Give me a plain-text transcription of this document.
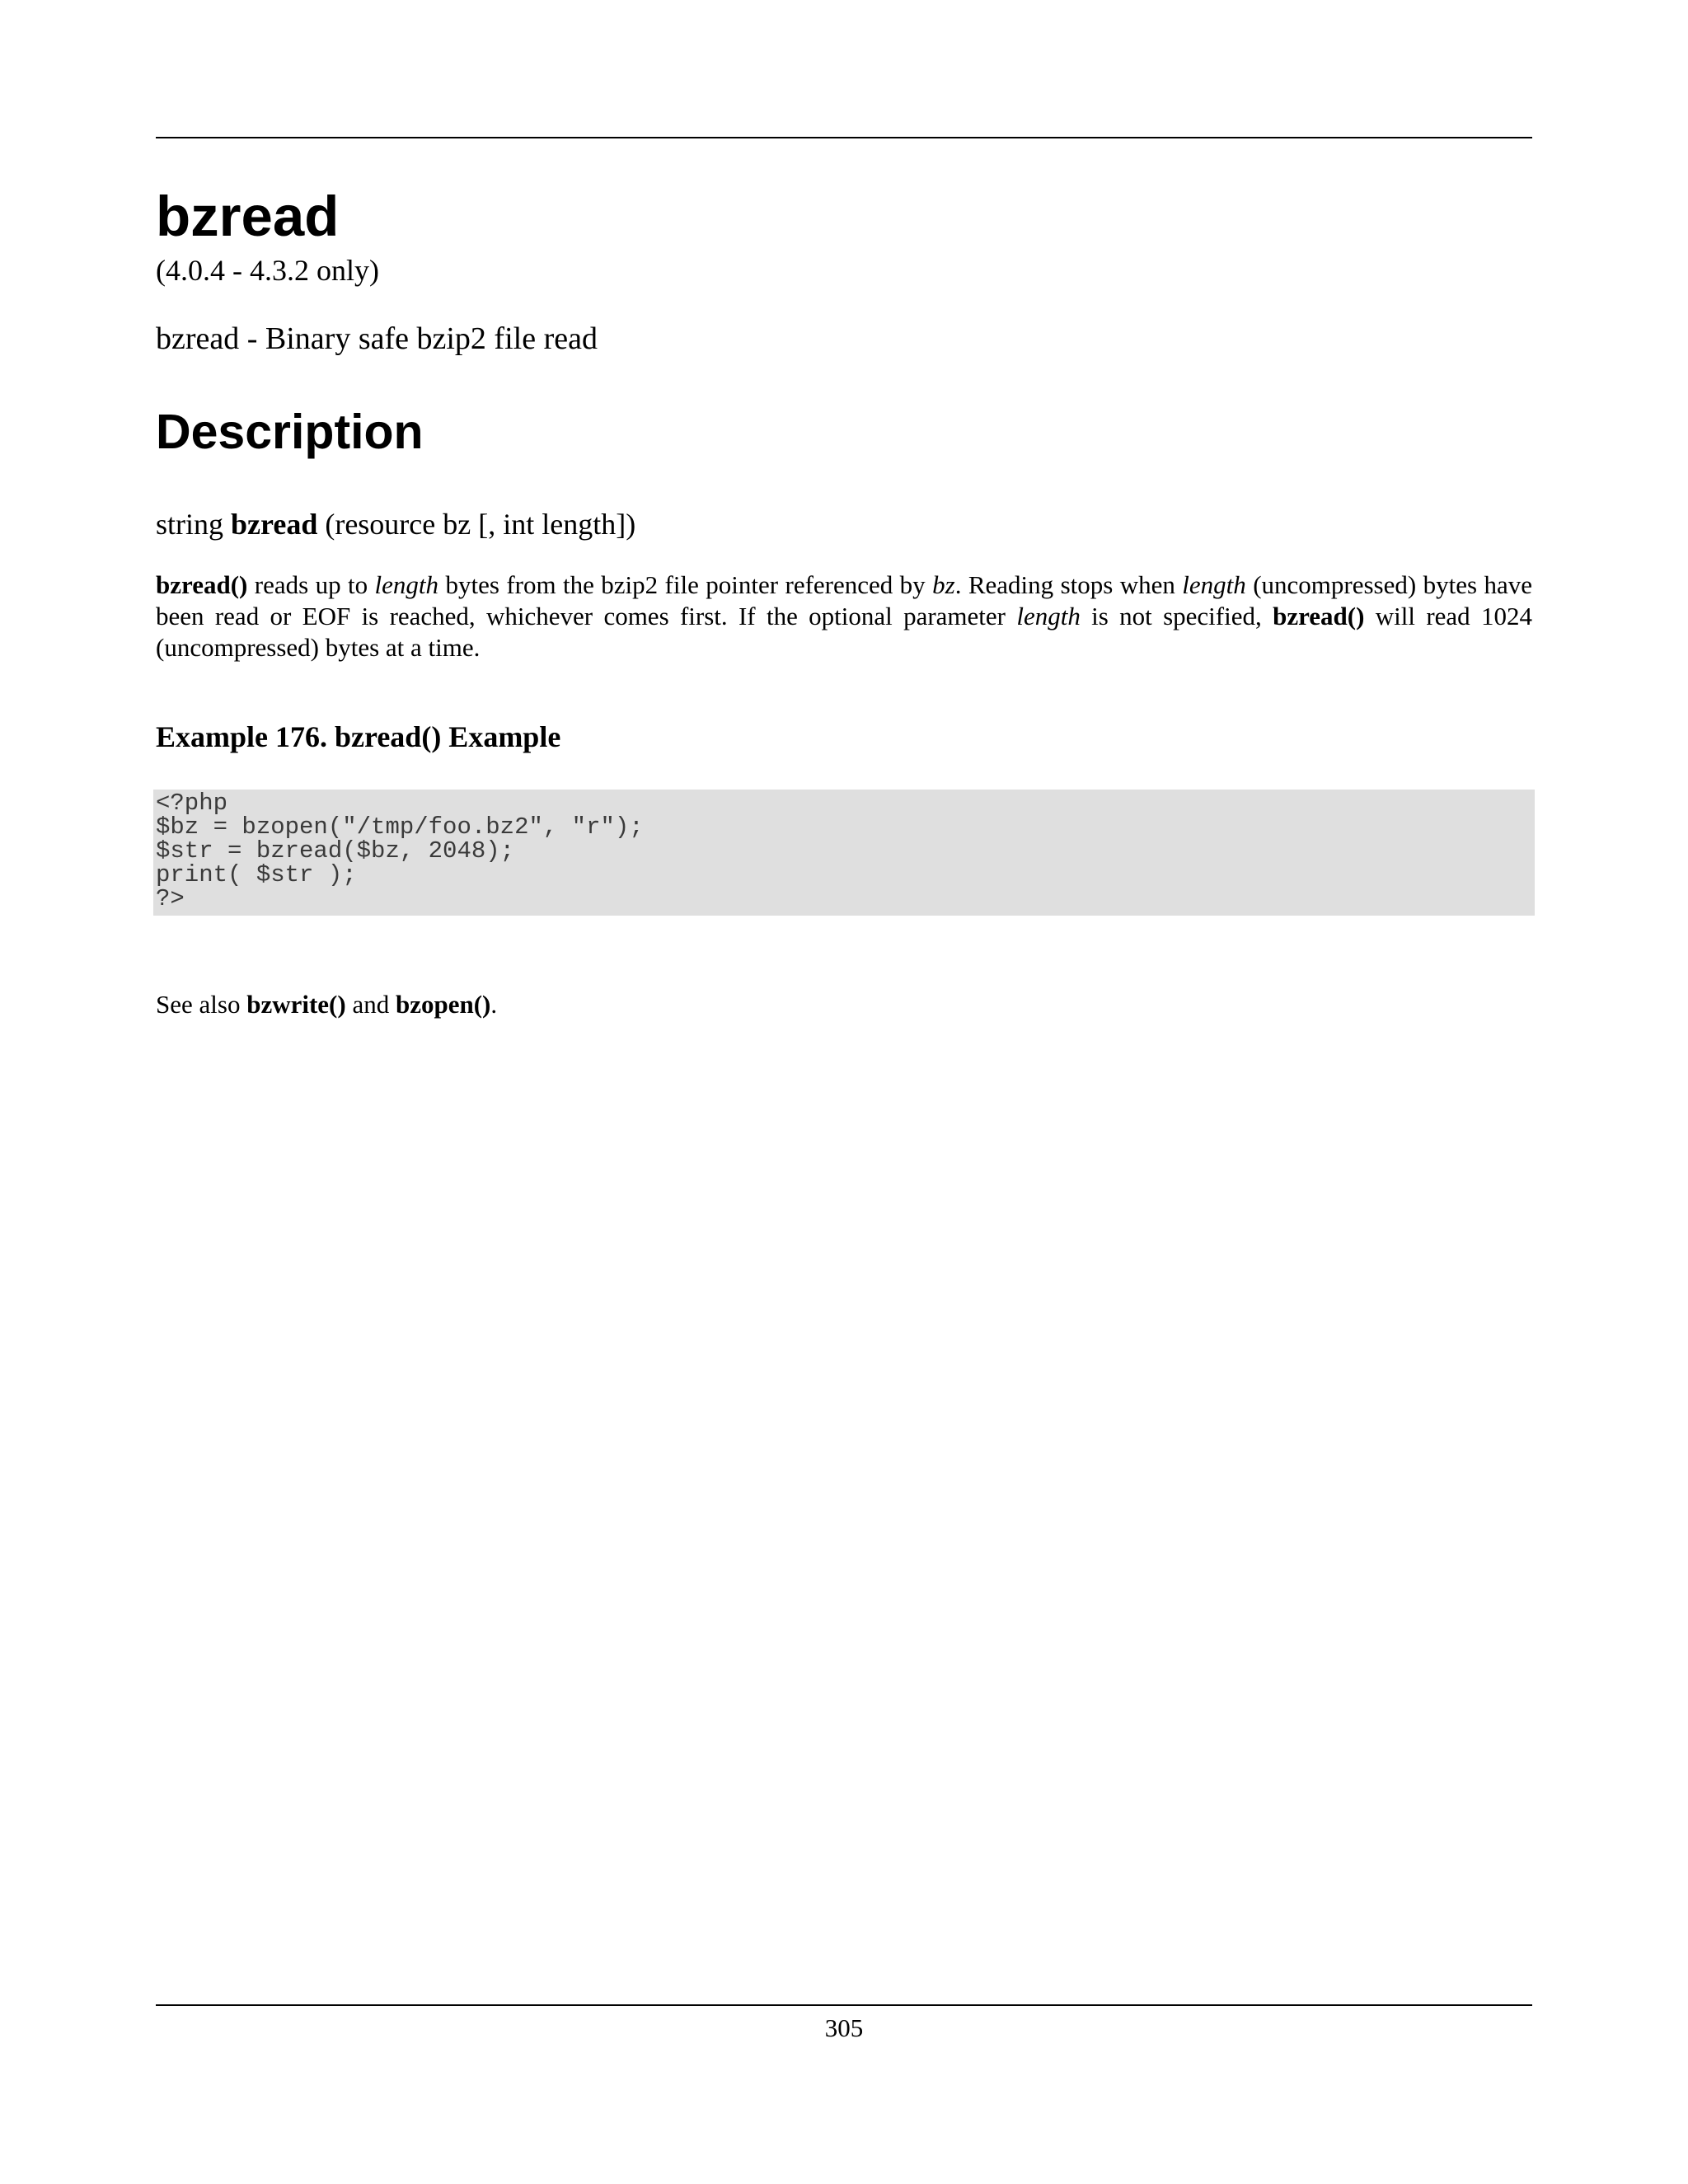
bzread

(4.0.4 - 4.3.2 only)

bzread - Binary safe bzip2 file read

Description

string bzread (resource bz [, int length])

bzread() reads up to length bytes from the bzip2 file pointer referenced by bz. Reading stops when length (uncompressed) bytes have been read or EOF is reached, whichever comes first. If the optional parameter length is not specified, bzread() will read 1024 (uncompressed) bytes at a time.

Example 176. bzread() Example

<?php
$bz = bzopen("/tmp/foo.bz2", "r");
$str = bzread($bz, 2048);
print( $str );
?>

See also bzwrite() and bzopen().

305
